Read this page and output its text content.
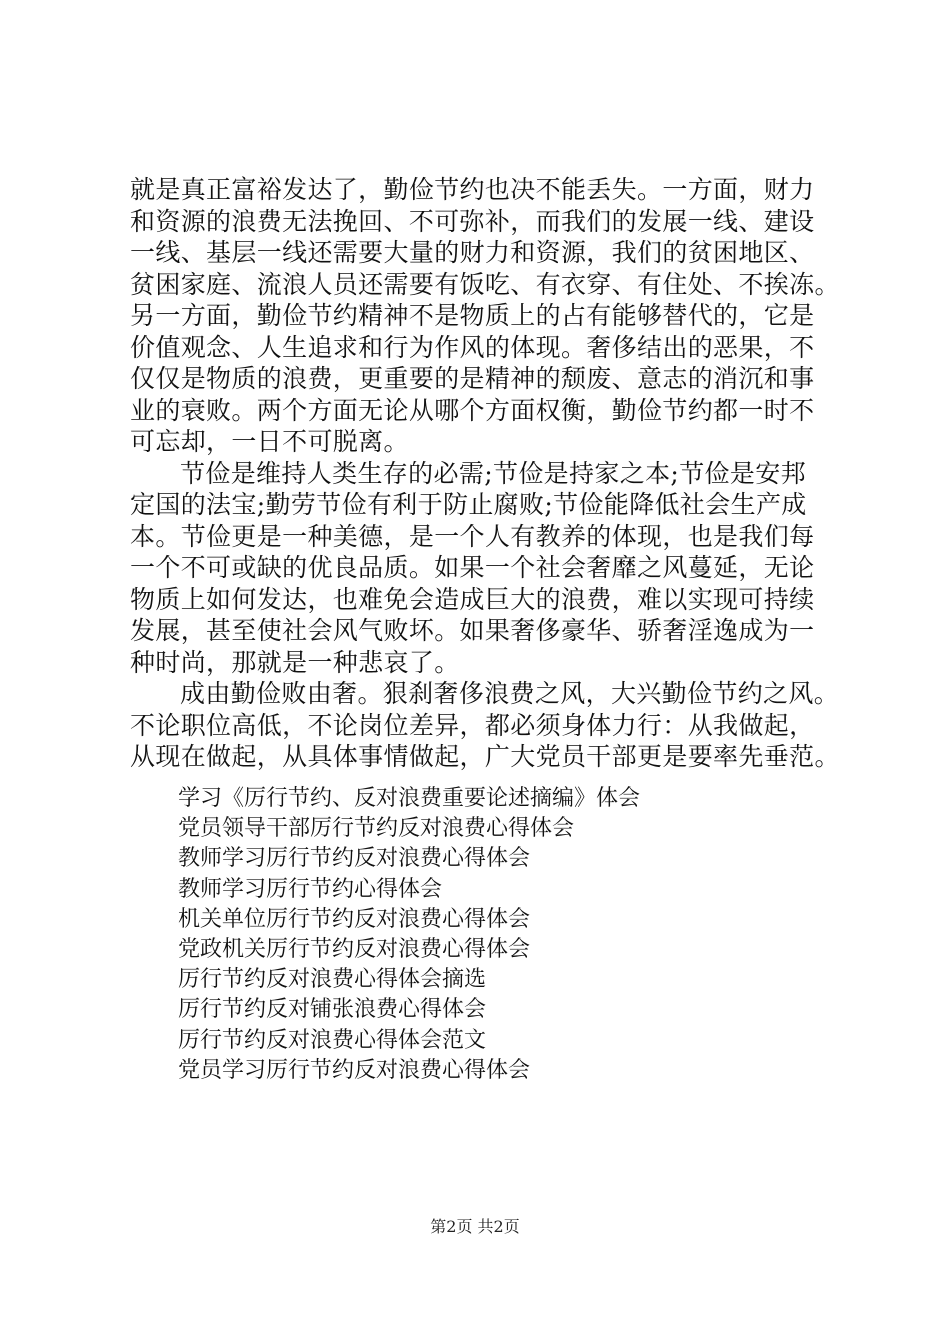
就是真正富裕发达了，勤俭节约也决不能丢失。一方面，财力
和资源的浪费无法挽回、不可弥补，而我们的发展一线、建设
一线、基层一线还需要大量的财力和资源，我们的贫困地区、
贫困家庭、流浪人员还需要有饭吃、有衣穿、有住处、不挨冻。
另一方面，勤俭节约精神不是物质上的占有能够替代的，它是
价值观念、人生追求和行为作风的体现。奢侈结出的恶果，不
仅仅是物质的浪费，更重要的是精神的颓废、意志的消沉和事
业的衰败。两个方面无论从哪个方面权衡，勤俭节约都一时不
可忘却，一日不可脱离。
节俭是维持人类生存的必需;节俭是持家之本;节俭是安邦
定国的法宝;勤劳节俭有利于防止腐败;节俭能降低社会生产成
本。节俭更是一种美德，是一个人有教养的体现，也是我们每
一个不可或缺的优良品质。如果一个社会奢靡之风蔓延，无论
物质上如何发达，也难免会造成巨大的浪费，难以实现可持续
发展，甚至使社会风气败坏。如果奢侈豪华、骄奢淫逸成为一
种时尚，那就是一种悲哀了。
成由勤俭败由奢。狠刹奢侈浪费之风，大兴勤俭节约之风。
不论职位高低，不论岗位差异，都必须身体力行：从我做起，
从现在做起，从具体事情做起，广大党员干部更是要率先垂范。
学习《厉行节约、反对浪费重要论述摘编》体会
党员领导干部厉行节约反对浪费心得体会
教师学习厉行节约反对浪费心得体会
教师学习厉行节约心得体会
机关单位厉行节约反对浪费心得体会
党政机关厉行节约反对浪费心得体会
厉行节约反对浪费心得体会摘选
厉行节约反对铺张浪费心得体会
厉行节约反对浪费心得体会范文
党员学习厉行节约反对浪费心得体会
第2页 共2页
